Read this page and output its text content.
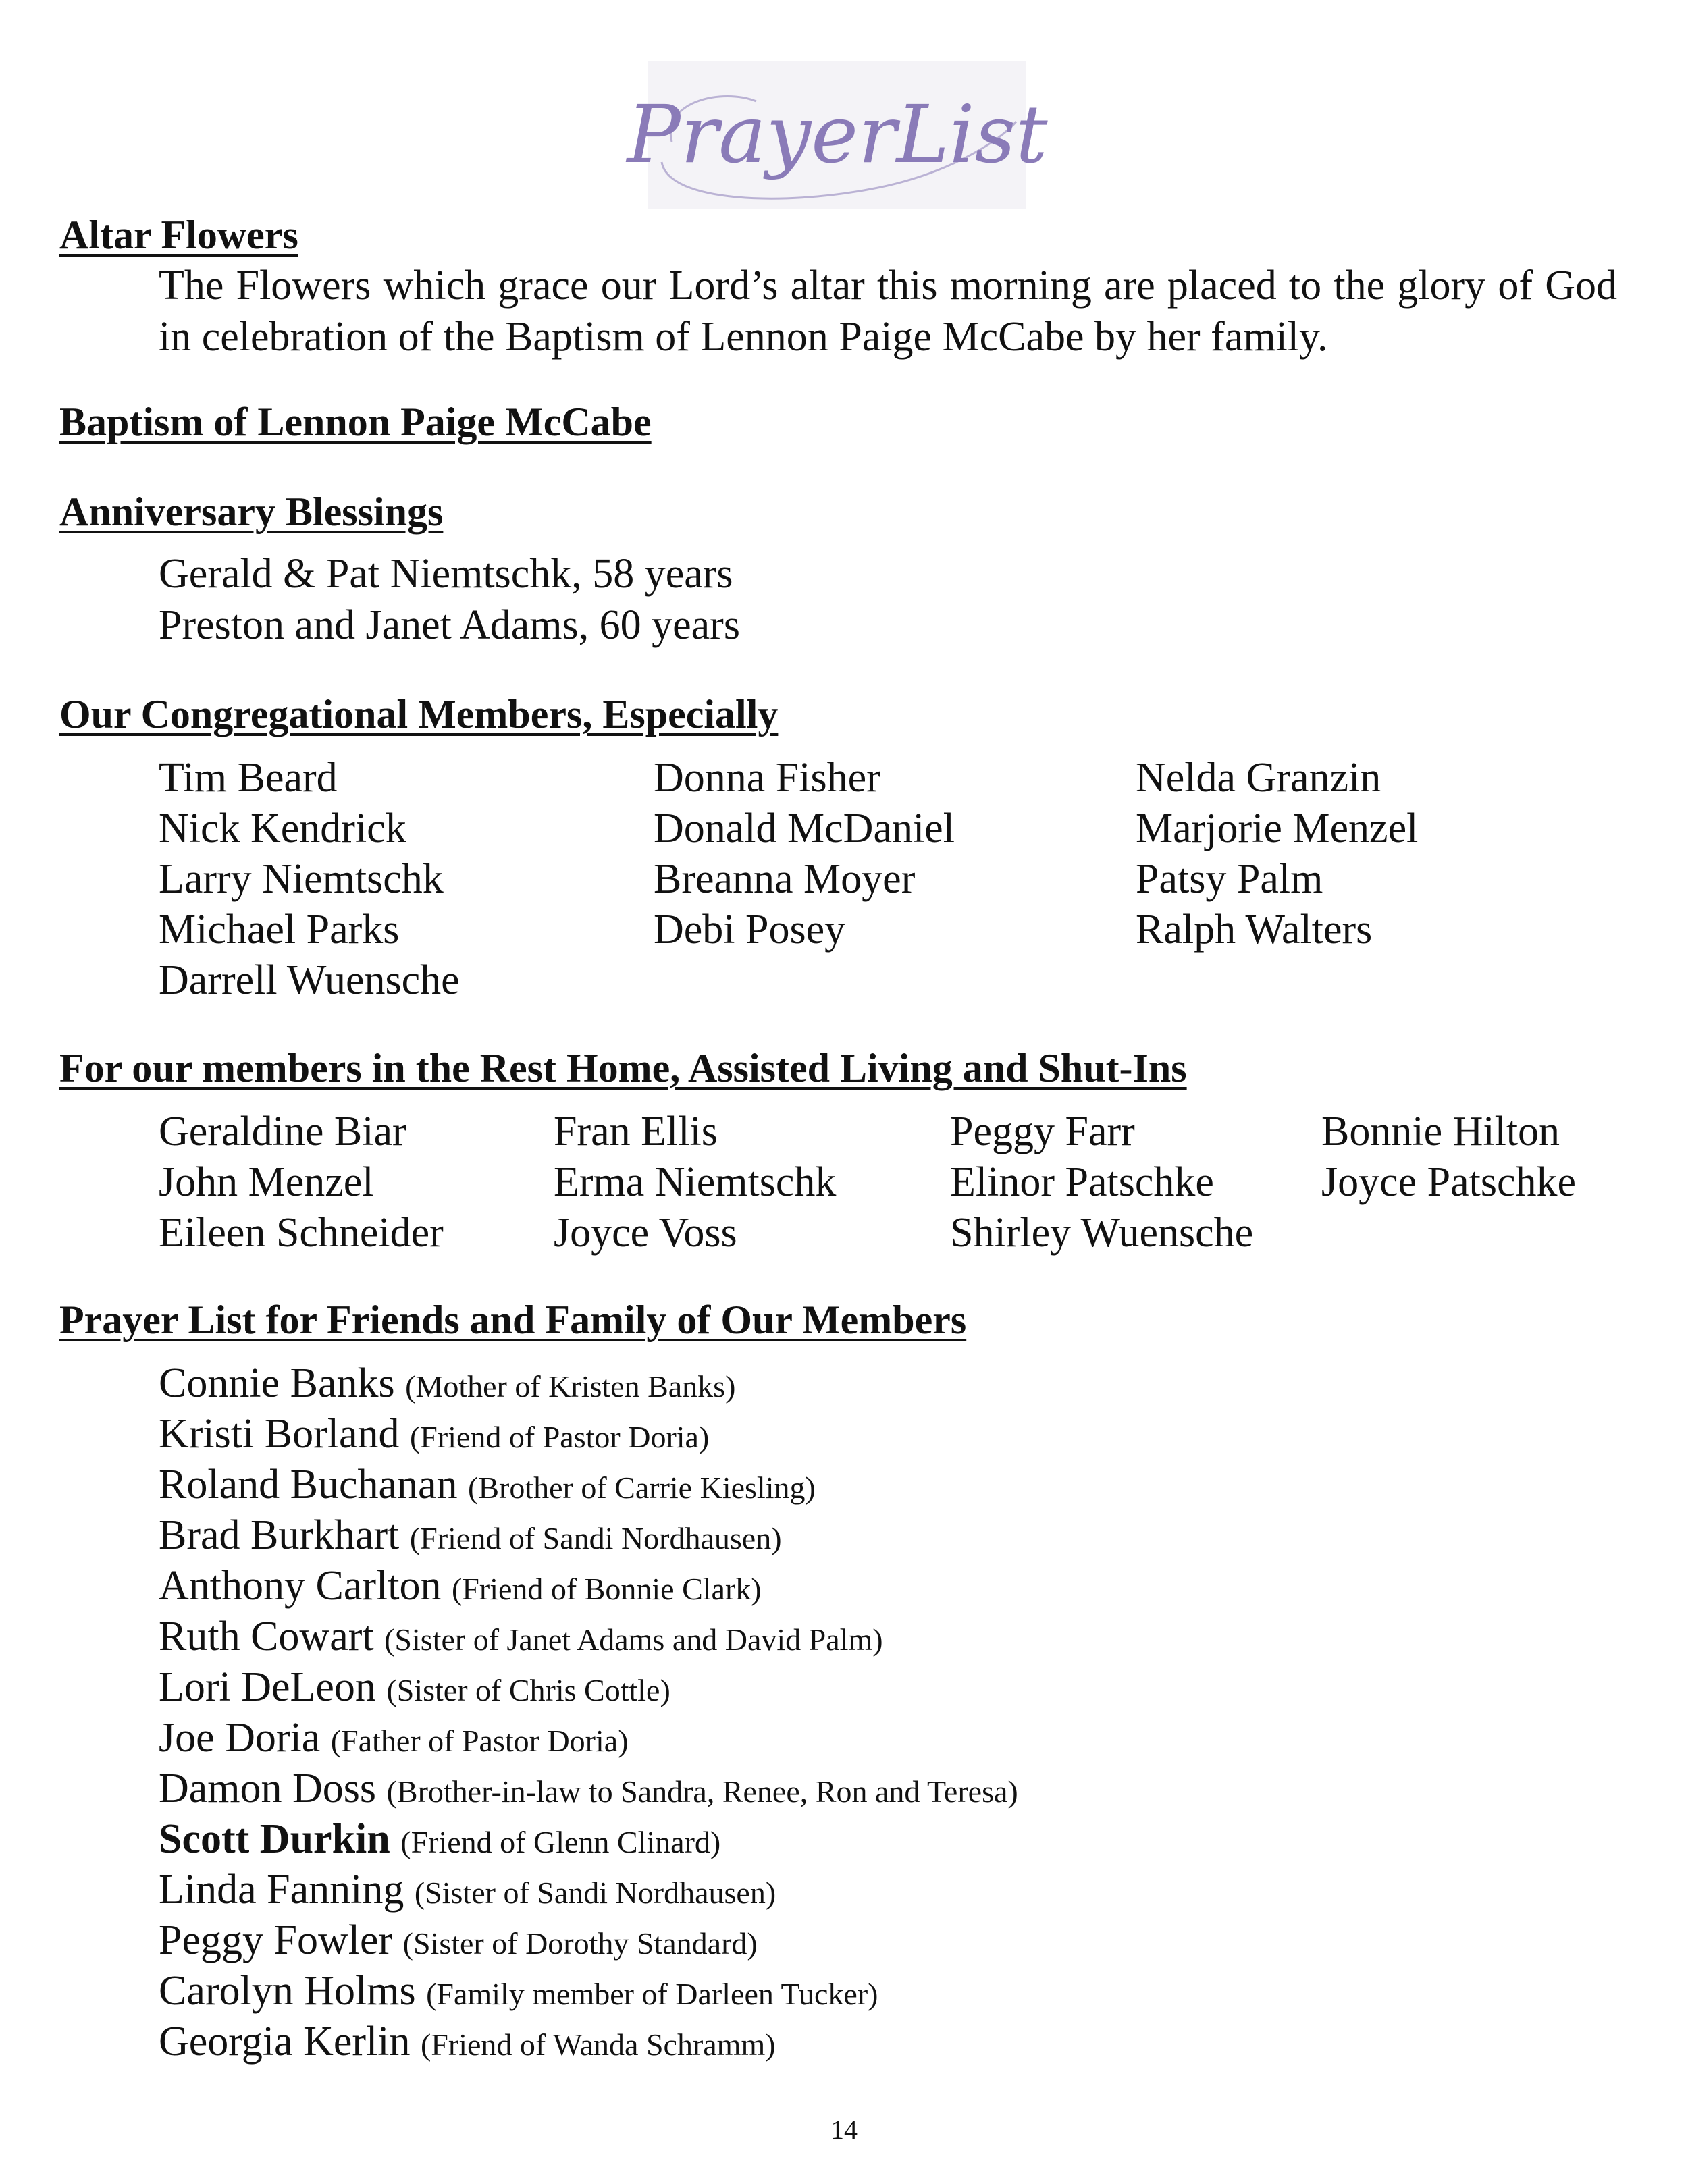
PrayerList
Altar Flowers
The Flowers which grace our Lord’s altar this morning are placed to the glory of God in celebration of the Baptism of Lennon Paige McCabe by her family.
Baptism of Lennon Paige McCabe
Anniversary Blessings
Gerald & Pat Niemtschk, 58 years
Preston and Janet Adams, 60 years
Our Congregational Members, Especially
Tim Beard
Nick Kendrick
Larry Niemtschk
Michael Parks
Darrell Wuensche
Donna Fisher
Donald McDaniel
Breanna Moyer
Debi Posey
Nelda Granzin
Marjorie Menzel
Patsy Palm
Ralph Walters
For our members in the Rest Home, Assisted Living and Shut-Ins
Geraldine Biar
John Menzel
Eileen Schneider
Fran Ellis
Erma Niemtschk
Joyce Voss
Peggy Farr
Elinor Patschke
Shirley Wuensche
Bonnie Hilton
Joyce Patschke
Prayer List for Friends and Family of Our Members
Connie Banks (Mother of Kristen Banks)
Kristi Borland (Friend of Pastor Doria)
Roland Buchanan (Brother of Carrie Kiesling)
Brad Burkhart (Friend of Sandi Nordhausen)
Anthony Carlton (Friend of Bonnie Clark)
Ruth Cowart (Sister of Janet Adams and David Palm)
Lori DeLeon (Sister of Chris Cottle)
Joe Doria (Father of Pastor Doria)
Damon Doss (Brother-in-law to Sandra, Renee, Ron and Teresa)
Scott Durkin (Friend of Glenn Clinard)
Linda Fanning (Sister of Sandi Nordhausen)
Peggy Fowler (Sister of Dorothy Standard)
Carolyn Holms (Family member of Darleen Tucker)
Georgia Kerlin (Friend of Wanda Schramm)
14
